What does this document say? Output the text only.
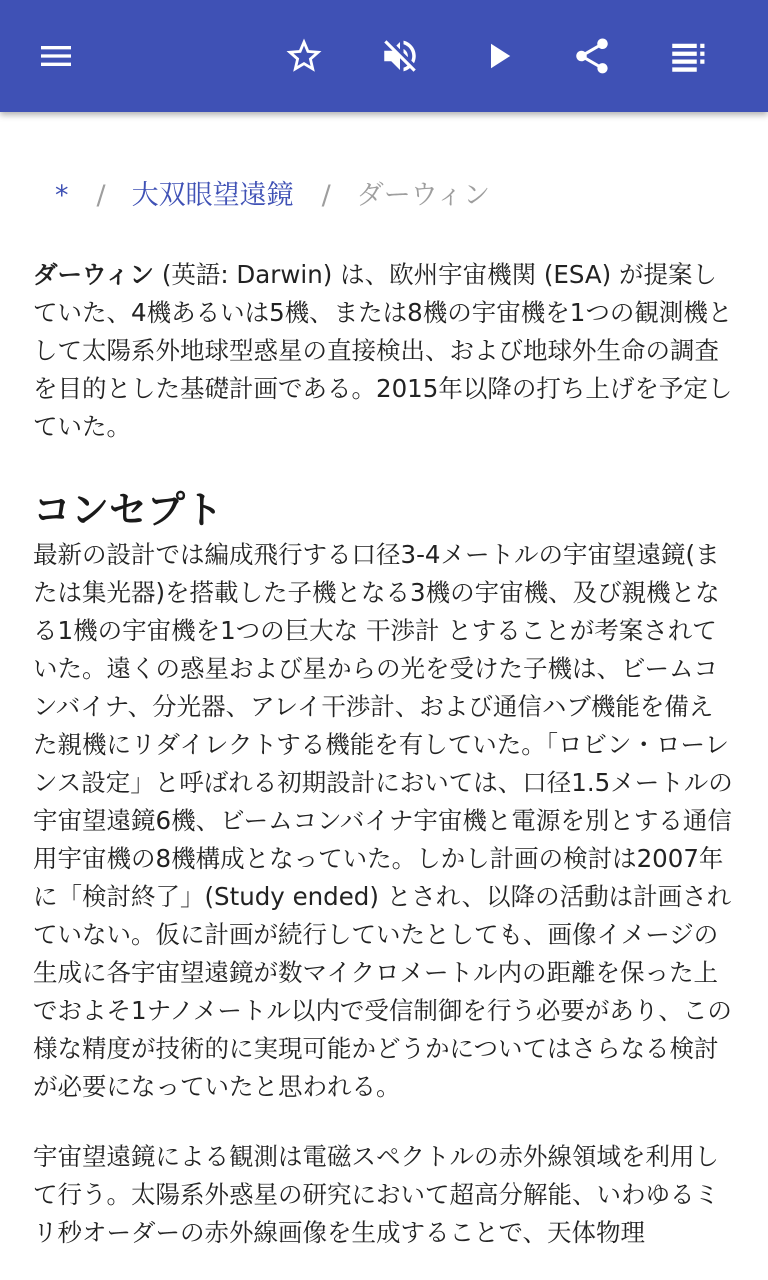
* / 大双眼望遠鏡 / ダーウィン

ダーウィン (英語: Darwin) は、欧州宇宙機関 (ESA) が提案していた、4機あるいは5機、または8機の宇宙機を1つの観測機として太陽系外地球型惑星の直接検出、および地球外生命の調査を目的とした基礎計画である。2015年以降の打ち上げを予定していた。

コンセプト

最新の設計では編成飛行する口径3-4メートルの宇宙望遠鏡(または集光器)を搭載した子機となる3機の宇宙機、及び親機となる1機の宇宙機を1つの巨大な 干渉計 とすることが考案されていた。遠くの惑星および星からの光を受けた子機は、ビームコンバイナ、分光器、アレイ干渉計、および通信ハブ機能を備えた親機にリダイレクトする機能を有していた。「ロビン・ローレンス設定」と呼ばれる初期設計においては、口径1.5メートルの宇宙望遠鏡6機、ビームコンバイナ宇宙機と電源を別とする通信用宇宙機の8機構成となっていた。しかし計画の検討は2007年に「検討終了」(Study ended) とされ、以降の活動は計画されていない。仮に計画が続行していたとしても、画像イメージの生成に各宇宙望遠鏡が数マイクロメートル内の距離を保った上でおよそ1ナノメートル以内で受信制御を行う必要があり、この様な精度が技術的に実現可能かどうかについてはさらなる検討が必要になっていたと思われる。

宇宙望遠鏡による観測は電磁スペクトルの赤外線領域を利用して行う。太陽系外惑星の研究において超高分解能、いわゆるミリ秒オーダーの赤外線画像を生成することで、天体物理
